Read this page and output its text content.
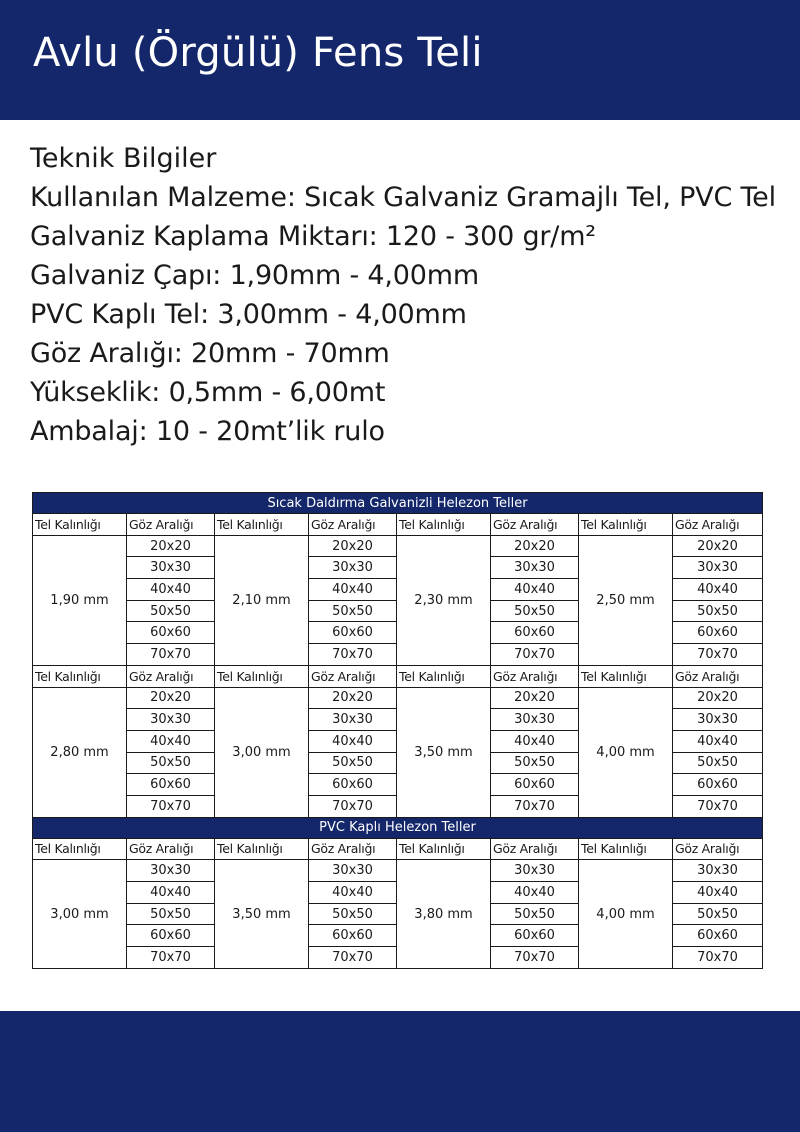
Avlu (Örgülü) Fens Teli
Teknik Bilgiler
Kullanılan Malzeme: Sıcak Galvaniz Gramajlı Tel, PVC Tel
Galvaniz Kaplama Miktarı: 120 - 300 gr/m²
Galvaniz Çapı: 1,90mm - 4,00mm
PVC Kaplı Tel: 3,00mm - 4,00mm
Göz Aralığı: 20mm - 70mm
Yükseklik: 0,5mm - 6,00mt
Ambalaj: 10 - 20mt’lik rulo
Sıcak Daldırma Galvanizli Helezon Teller							
Tel Kalınlığı	Göz Aralığı	Tel Kalınlığı	Göz Aralığı	Tel Kalınlığı	Göz Aralığı	Tel Kalınlığı	Göz Aralığı
1,90 mm	20x20	2,10 mm	20x20	2,30 mm	20x20	2,50 mm	20x20
	30x30		30x30		30x30		30x30
	40x40		40x40		40x40		40x40
	50x50		50x50		50x50		50x50
	60x60		60x60		60x60		60x60
	70x70		70x70		70x70		70x70
Tel Kalınlığı	Göz Aralığı	Tel Kalınlığı	Göz Aralığı	Tel Kalınlığı	Göz Aralığı	Tel Kalınlığı	Göz Aralığı
2,80 mm	20x20	3,00 mm	20x20	3,50 mm	20x20	4,00 mm	20x20
	30x30		30x30		30x30		30x30
	40x40		40x40		40x40		40x40
	50x50		50x50		50x50		50x50
	60x60		60x60		60x60		60x60
	70x70		70x70		70x70		70x70
PVC Kaplı Helezon Teller							
Tel Kalınlığı	Göz Aralığı	Tel Kalınlığı	Göz Aralığı	Tel Kalınlığı	Göz Aralığı	Tel Kalınlığı	Göz Aralığı
3,00 mm	30x30	3,50 mm	30x30	3,80 mm	30x30	4,00 mm	30x30
	40x40		40x40		40x40		40x40
	50x50		50x50		50x50		50x50
	60x60		60x60		60x60		60x60
	70x70		70x70		70x70		70x70
